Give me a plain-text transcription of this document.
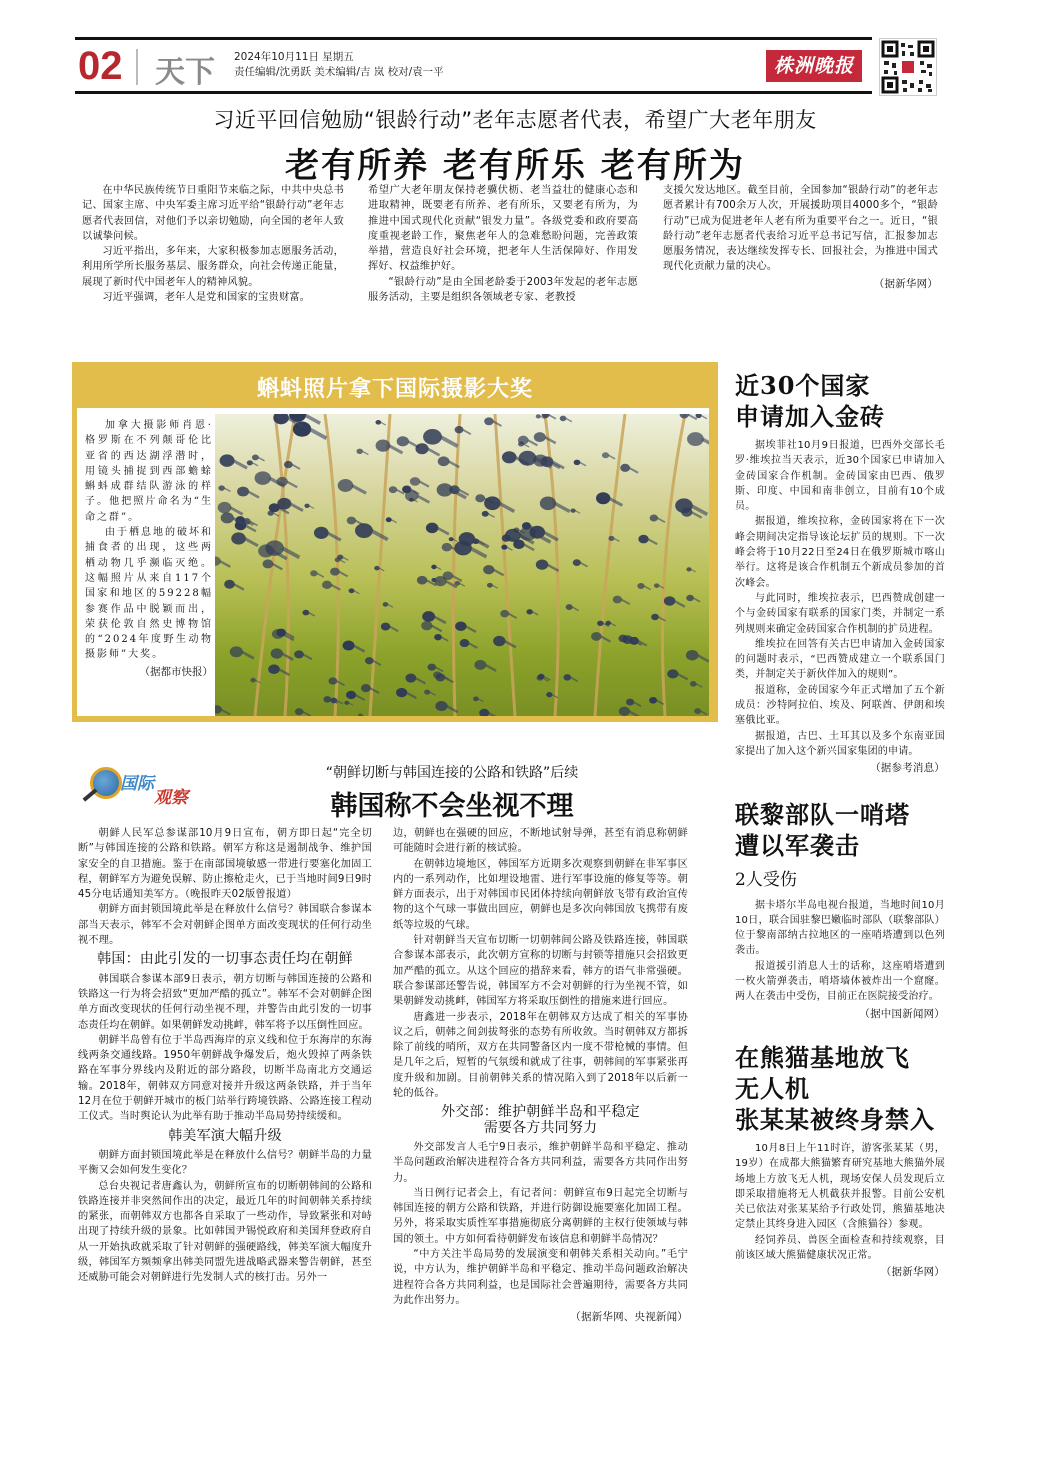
02 天下 2024年10月11日 星期五
责任编辑/沈勇跃 美术编辑/吉 岚 校对/袁一平	株洲晚报
习近平回信勉励“银龄行动”老年志愿者代表，希望广大老年朋友
老有所养 老有所乐 老有所为

在中华民族传统节日重阳节来临之际，中共中央总书记、国家主席、中央军委主席习近平给“银龄行动”老年志愿者代表回信，对他们予以亲切勉励，向全国的老年人致以诚挚问候。

习近平指出，多年来，大家积极参加志愿服务活动，利用所学所长服务基层、服务群众，向社会传递正能量，展现了新时代中国老年人的精神风貌。

习近平强调，老年人是党和国家的宝贵财富。

希望广大老年朋友保持老骥伏枥、老当益壮的健康心态和进取精神，既要老有所养、老有所乐，又要老有所为，为推进中国式现代化贡献“银发力量”。各级党委和政府要高度重视老龄工作，聚焦老年人的急难愁盼问题，完善政策举措，营造良好社会环境，把老年人生活保障好、作用发挥好、权益维护好。

“银龄行动”是由全国老龄委于2003年发起的老年志愿服务活动，主要是组织各领域老专家、老教授

支援欠发达地区。截至目前，全国参加“银龄行动”的老年志愿者累计有700余万人次，开展援助项目4000多个，“银龄行动”已成为促进老年人老有所为重要平台之一。近日，“银龄行动”老年志愿者代表给习近平总书记写信，汇报参加志愿服务情况，表达继续发挥专长、回报社会，为推进中国式现代化贡献力量的决心。

（据新华网）
蝌蚪照片拿下国际摄影大奖

加拿大摄影师肖恩·格罗斯在不列颠哥伦比亚省的西达湖浮潜时，用镜头捕捉到西部蟾蜍蝌蚪成群结队游泳的样子。他把照片命名为“生命之群”。

由于栖息地的破坏和捕食者的出现，这些两栖动物几乎濒临灭绝。这幅照片从来自117个国家和地区的59228幅参赛作品中脱颖而出，荣获伦敦自然史博物馆的“2024年度野生动物摄影师”大奖。

（据都市快报）
国际
观察
“朝鲜切断与韩国连接的公路和铁路”后续
韩国称不会坐视不理

朝鲜人民军总参谋部10月9日宣布，朝方即日起“完全切断”与韩国连接的公路和铁路。朝军方称这是遏制战争、维护国家安全的自卫措施。鉴于在南部国境敏感一带进行要塞化加固工程，朝鲜军方为避免误解、防止擦枪走火，已于当地时间9日9时45分电话通知美军方。（晚报昨天02版曾报道）

朝鲜方面封锁国境此举是在释放什么信号？韩国联合参谋本部当天表示，韩军不会对朝鲜企图单方面改变现状的任何行动坐视不理。

韩国：由此引发的一切事态责任均在朝鲜

韩国联合参谋本部9日表示，朝方切断与韩国连接的公路和铁路这一行为将会招致“更加严酷的孤立”。韩军不会对朝鲜企图单方面改变现状的任何行动坐视不理，并警告由此引发的一切事态责任均在朝鲜。如果朝鲜发动挑衅，韩军将予以压倒性回应。

朝鲜半岛曾有位于半岛西海岸的京义线和位于东海岸的东海线两条交通线路。1950年朝鲜战争爆发后，炮火毁掉了两条铁路在军事分界线内及附近的部分路段，切断半岛南北方交通运输。2018年，朝韩双方同意对接并升级这两条铁路，并于当年12月在位于朝鲜开城市的板门站举行跨境铁路、公路连接工程动工仪式。当时舆论认为此举有助于推动半岛局势持续缓和。

韩美军演大幅升级

朝鲜方面封锁国境此举是在释放什么信号？朝鲜半岛的力量平衡又会如何发生变化？

总台央视记者唐鑫认为，朝鲜所宣布的切断朝韩间的公路和铁路连接并非突然间作出的决定，最近几年的时间朝韩关系持续的紧张，而朝韩双方也都各自采取了一些动作，导致紧张和对峙出现了持续升级的景象。比如韩国尹锡悦政府和美国拜登政府自从一开始执政就采取了针对朝鲜的强硬路线，韩美军演大幅度升级，韩国军方频频拿出韩美同盟先进战略武器来警告朝鲜，甚至还威胁可能会对朝鲜进行先发制人式的核打击。另外一

边，朝鲜也在强硬的回应，不断地试射导弹，甚至有消息称朝鲜可能随时会进行新的核试验。

在朝韩边境地区，韩国军方近期多次观察到朝鲜在非军事区内的一系列动作，比如埋设地雷、进行军事设施的修复等等。朝鲜方面表示，出于对韩国市民团体持续向朝鲜放飞带有政治宣传物的这个气球一事做出回应，朝鲜也是多次向韩国放飞携带有废纸等垃圾的气球。

针对朝鲜当天宣布切断一切朝韩间公路及铁路连接，韩国联合参谋本部表示，此次朝方宣称的切断与封锁等措施只会招致更加严酷的孤立。从这个回应的措辞来看，韩方的语气非常强硬。联合参谋部还警告说，韩国军方不会对朝鲜的行为坐视不管，如果朝鲜发动挑衅，韩国军方将采取压倒性的措施来进行回应。

唐鑫进一步表示，2018年在朝韩双方达成了相关的军事协议之后，朝韩之间剑拔弩张的态势有所收敛。当时朝韩双方都拆除了前线的哨所，双方在共同警备区内一度不带枪械的事情。但是几年之后，短暂的气氛缓和就成了往事，朝韩间的军事紧张再度升级和加剧。目前朝韩关系的情况陷入到了2018年以后新一轮的低谷。

外交部：维护朝鲜半岛和平稳定
需要各方共同努力

外交部发言人毛宁9日表示，维护朝鲜半岛和平稳定、推动半岛问题政治解决进程符合各方共同利益，需要各方共同作出努力。

当日例行记者会上，有记者问：朝鲜宣布9日起完全切断与韩国连接的朝方公路和铁路，并进行防御设施要塞化加固工程。另外，将采取实质性军事措施彻底分离朝鲜的主权行使领域与韩国的领土。中方如何看待朝鲜发布该信息和朝鲜半岛情况？

“中方关注半岛局势的发展演变和朝韩关系相关动向。”毛宁说，中方认为，维护朝鲜半岛和平稳定、推动半岛问题政治解决进程符合各方共同利益，也是国际社会普遍期待，需要各方共同为此作出努力。

（据新华网、央视新闻）
近30个国家
申请加入金砖

据埃菲社10月9日报道，巴西外交部长毛罗·维埃拉当天表示，近30个国家已申请加入金砖国家合作机制。金砖国家由巴西、俄罗斯、印度、中国和南非创立，目前有10个成员。

据报道，维埃拉称，金砖国家将在下一次峰会期间决定指导该论坛扩员的规则。下一次峰会将于10月22日至24日在俄罗斯城市喀山举行。这将是该合作机制五个新成员参加的首次峰会。

与此同时，维埃拉表示，巴西赞成创建一个与金砖国家有联系的国家门类，并制定一系列规则来确定金砖国家合作机制的扩员进程。

维埃拉在回答有关古巴申请加入金砖国家的问题时表示，“巴西赞成建立一个联系国门类，并制定关于新伙伴加入的规则”。

报道称，金砖国家今年正式增加了五个新成员：沙特阿拉伯、埃及、阿联酋、伊朗和埃塞俄比亚。

据报道，古巴、土耳其以及多个东南亚国家提出了加入这个新兴国家集团的申请。

（据参考消息）
联黎部队一哨塔
遭以军袭击
2人受伤

据卡塔尔半岛电视台报道，当地时间10月10日，联合国驻黎巴嫩临时部队（联黎部队）位于黎南部纳古拉地区的一座哨塔遭到以色列袭击。

报道援引消息人士的话称，这座哨塔遭到一枚火箭弹袭击，哨塔墙体被炸出一个窟窿。两人在袭击中受伤，目前正在医院接受治疗。

（据中国新闻网）
在熊猫基地放飞
无人机
张某某被终身禁入

10月8日上午11时许，游客张某某（男，19岁）在成都大熊猫繁育研究基地大熊猫外展场地上方放飞无人机，现场安保人员发现后立即采取措施将无人机截获并报警。目前公安机关已依法对张某某给予行政处罚，熊猫基地决定禁止其终身进入园区（含熊猫谷）参观。

经饲养员、兽医全面检查和持续观察，目前该区域大熊猫健康状况正常。

（据新华网）
